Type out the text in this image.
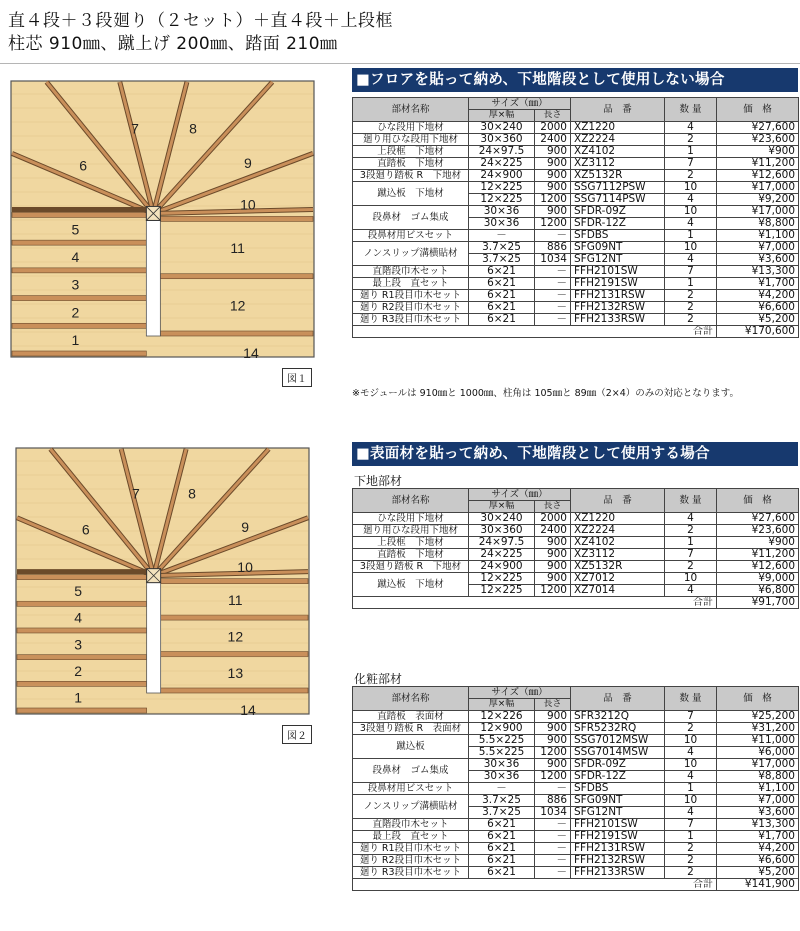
直４段＋３段廻り（２セット）＋直４段＋上段框
柱芯 910㎜、蹴上げ 200㎜、踏面 210㎜
1
2
3
4
5
6
7	8
9
10
11
12
14
図１
1
2
3
4
5
6
7	8
9
10
11
12
13
14
図２
■フロアを貼って納め、下地階段として使用しない場合
部材名称	サイズ（㎜）		品　番	数 量	価　格
	厚×幅	長さ			
ひな段用下地材	30×240	2000	XZ1220	4	¥27,600
廻り用ひな段用下地材	30×360	2400	XZ2224	2	¥23,600
上段框　下地材	24×97.5	900	XZ4102	1	¥900
直踏板　下地材	24×225	900	XZ3112	7	¥11,200
3段廻り踏板 R　下地材	24×900	900	XZ5132R	2	¥12,600
蹴込板　下地材	12×225	900	SSG7112PSW	10	¥17,000
	12×225	1200	SSG7114PSW	4	¥9,200
段鼻材　ゴム集成	30×36	900	SFDR-09Z	10	¥17,000
	30×36	1200	SFDR-12Z	4	¥8,800
段鼻材用ビスセット	－	－	SFDBS	1	¥1,100
ノンスリップ溝横貼材	3.7×25	886	SFG09NT	10	¥7,000
	3.7×25	1034	SFG12NT	4	¥3,600
直階段巾木セット	6×21	－	FFH2101SW	7	¥13,300
最上段　直セット	6×21	－	FFH2191SW	1	¥1,700
廻り R1段目巾木セット	6×21	－	FFH2131RSW	2	¥4,200
廻り R2段目巾木セット	6×21	－	FFH2132RSW	2	¥6,600
廻り R3段目巾木セット	6×21	－	FFH2133RSW	2	¥5,200
合計					¥170,600
※モジュールは 910㎜と 1000㎜、柱角は 105㎜と 89㎜（2×4）のみの対応となります。
■表面材を貼って納め、下地階段として使用する場合
下地部材
部材名称	サイズ（㎜）		品　番	数 量	価　格
	厚×幅	長さ			
ひな段用下地材	30×240	2000	XZ1220	4	¥27,600
廻り用ひな段用下地材	30×360	2400	XZ2224	2	¥23,600
上段框　下地材	24×97.5	900	XZ4102	1	¥900
直踏板　下地材	24×225	900	XZ3112	7	¥11,200
3段廻り踏板 R　下地材	24×900	900	XZ5132R	2	¥12,600
蹴込板　下地材	12×225	900	XZ7012	10	¥9,000
	12×225	1200	XZ7014	4	¥6,800
合計					¥91,700
化粧部材
部材名称	サイズ（㎜）		品　番	数 量	価　格
	厚×幅	長さ			
直踏板　表面材	12×226	900	SFR3212Q	7	¥25,200
3段廻り踏板 R　表面材	12×900	900	SFR5232RQ	2	¥31,200
蹴込板	5.5×225	900	SSG7012MSW	10	¥11,000
	5.5×225	1200	SSG7014MSW	4	¥6,000
段鼻材　ゴム集成	30×36	900	SFDR-09Z	10	¥17,000
	30×36	1200	SFDR-12Z	4	¥8,800
段鼻材用ビスセット	－	－	SFDBS	1	¥1,100
ノンスリップ溝横貼材	3.7×25	886	SFG09NT	10	¥7,000
	3.7×25	1034	SFG12NT	4	¥3,600
直階段巾木セット	6×21	－	FFH2101SW	7	¥13,300
最上段　直セット	6×21	－	FFH2191SW	1	¥1,700
廻り R1段目巾木セット	6×21	－	FFH2131RSW	2	¥4,200
廻り R2段目巾木セット	6×21	－	FFH2132RSW	2	¥6,600
廻り R3段目巾木セット	6×21	－	FFH2133RSW	2	¥5,200
合計					¥141,900
